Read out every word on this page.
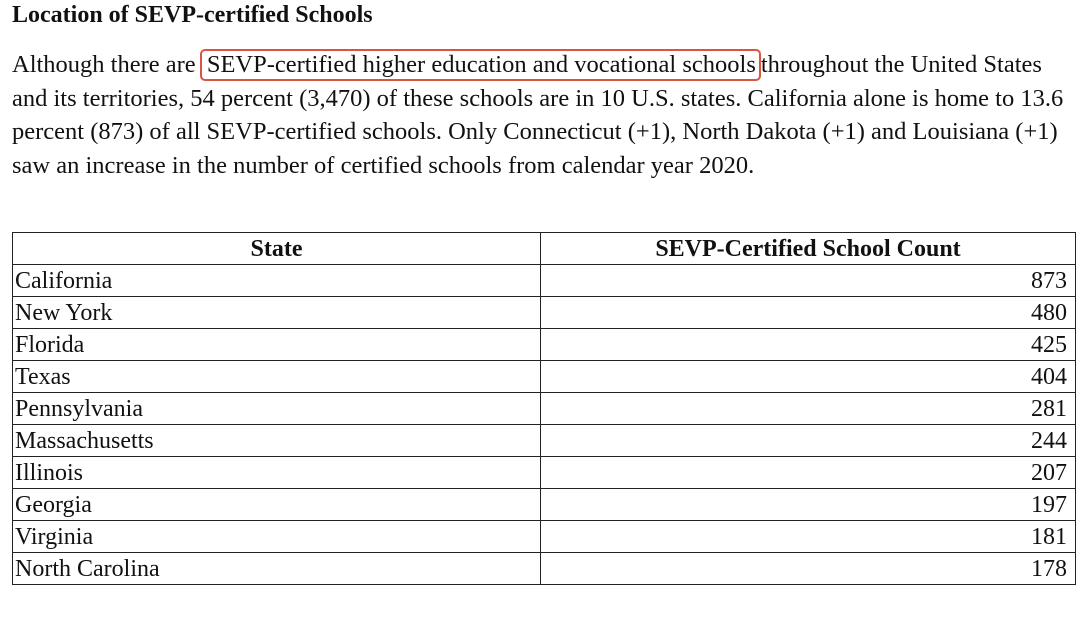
Location of SEVP-certified Schools

Although there are SEVP-certified higher education and vocational schools throughout the United States and its territories, 54 percent (3,470) of these schools are in 10 U.S. states. California alone is home to 13.6 percent (873) of all SEVP-certified schools. Only Connecticut (+1), North Dakota (+1) and Louisiana (+1) saw an increase in the number of certified schools from calendar year 2020.

State	SEVP-Certified School Count
California	873
New York	480
Florida	425
Texas	404
Pennsylvania	281
Massachusetts	244
Illinois	207
Georgia	197
Virginia	181
North Carolina	178
